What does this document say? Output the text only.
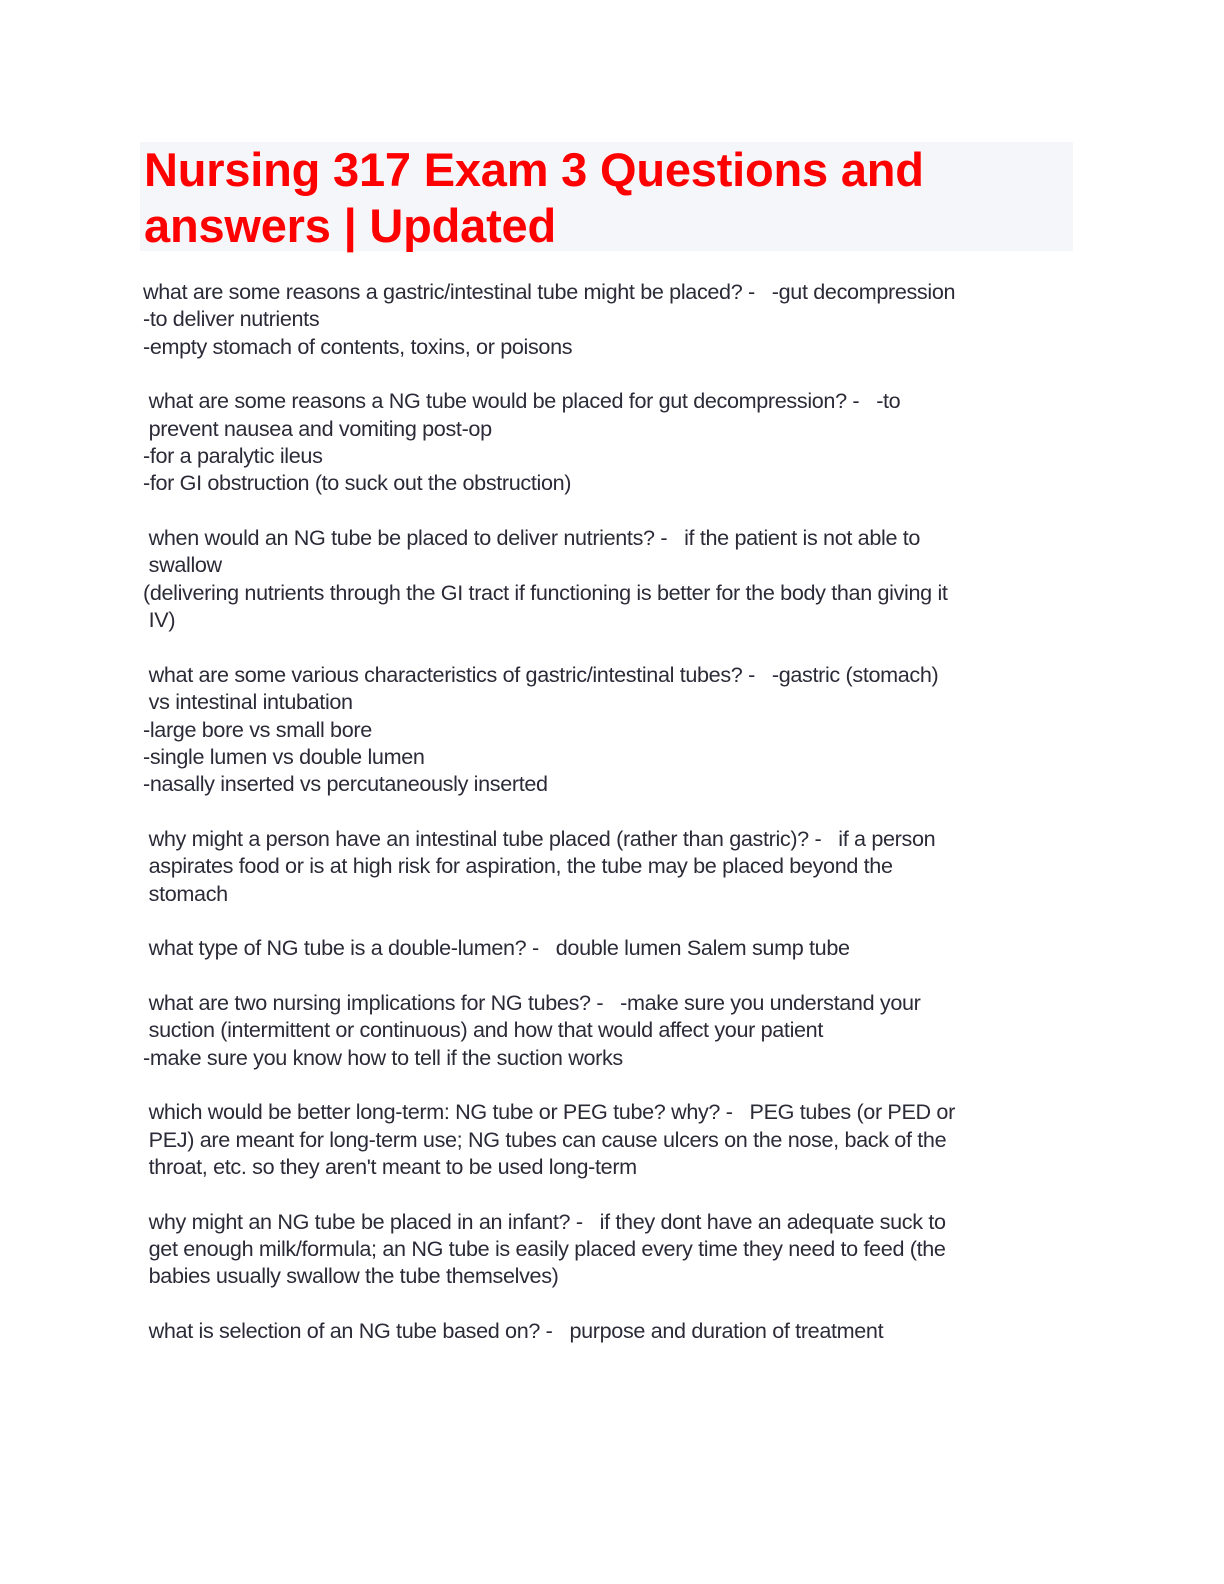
Nursing 317 Exam 3 Questions and
answers | Updated
what are some reasons a gastric/intestinal tube might be placed? -   -gut decompression
-to deliver nutrients
-empty stomach of contents, toxins, or poisons
what are some reasons a NG tube would be placed for gut decompression? -   -to
prevent nausea and vomiting post-op
-for a paralytic ileus
-for GI obstruction (to suck out the obstruction)
when would an NG tube be placed to deliver nutrients? -   if the patient is not able to
swallow
(delivering nutrients through the GI tract if functioning is better for the body than giving it
IV)
what are some various characteristics of gastric/intestinal tubes? -   -gastric (stomach)
vs intestinal intubation
-large bore vs small bore
-single lumen vs double lumen
-nasally inserted vs percutaneously inserted
why might a person have an intestinal tube placed (rather than gastric)? -   if a person
aspirates food or is at high risk for aspiration, the tube may be placed beyond the
stomach
what type of NG tube is a double-lumen? -   double lumen Salem sump tube
what are two nursing implications for NG tubes? -   -make sure you understand your
suction (intermittent or continuous) and how that would affect your patient
-make sure you know how to tell if the suction works
which would be better long-term: NG tube or PEG tube? why? -   PEG tubes (or PED or
PEJ) are meant for long-term use; NG tubes can cause ulcers on the nose, back of the
throat, etc. so they aren't meant to be used long-term
why might an NG tube be placed in an infant? -   if they dont have an adequate suck to
get enough milk/formula; an NG tube is easily placed every time they need to feed (the
babies usually swallow the tube themselves)
what is selection of an NG tube based on? -   purpose and duration of treatment
